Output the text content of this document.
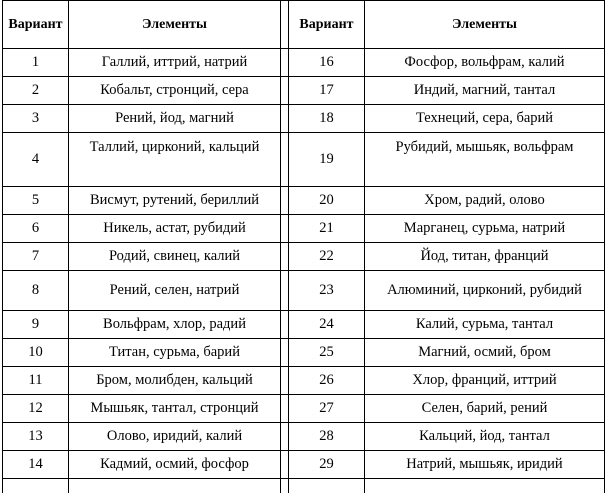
Вариант	Элементы		Вариант	Элементы
1	Галлий, иттрий, натрий		16	Фосфор, вольфрам, калий
2	Кобальт, стронций, сера		17	Индий, магний, тантал
3	Рений, йод, магний		18	Технеций, сера, барий
4	Таллий, цирконий, кальций		19	Рубидий, мышьяк, вольфрам
5	Висмут, рутений, бериллий		20	Хром, радий, олово
6	Никель, астат, рубидий		21	Марганец, сурьма, натрий
7	Родий, свинец, калий		22	Йод, титан, франций
8	Рений, селен, натрий		23	Алюминий, цирконий, рубидий
9	Вольфрам, хлор, радий		24	Калий, сурьма, тантал
10	Титан, сурьма, барий		25	Магний, осмий, бром
11	Бром, молибден, кальций		26	Хлор, франций, иттрий
12	Мышьяк, тантал, стронций		27	Селен, барий, рений
13	Олово, иридий, калий		28	Кальций, йод, тантал
14	Кадмий, осмий, фосфор		29	Натрий, мышьяк, иридий
